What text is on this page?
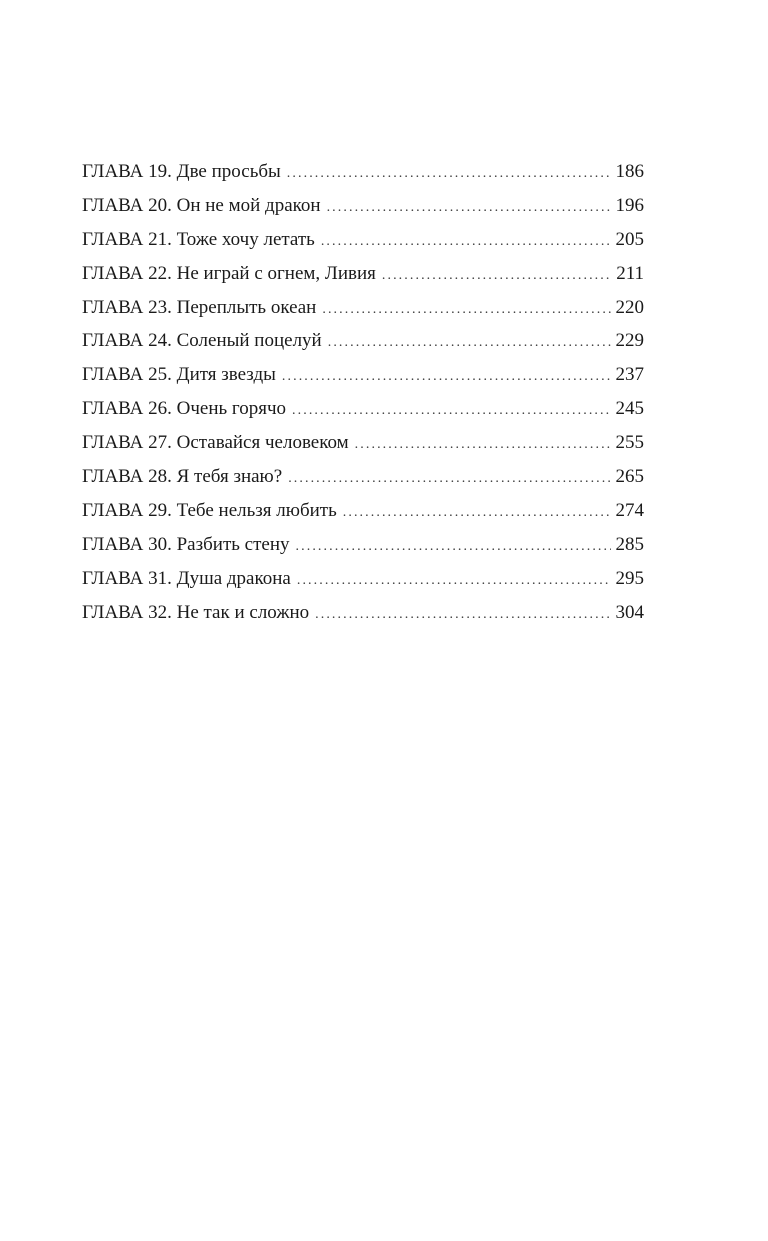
ГЛАВА 19. Две просьбы .....	186
ГЛАВА 20. Он не мой дракон .....	196
ГЛАВА 21. Тоже хочу летать .....	205
ГЛАВА 22. Не играй с огнем, Ливия .....	211
ГЛАВА 23. Переплыть океан .....	220
ГЛАВА 24. Соленый поцелуй .....	229
ГЛАВА 25. Дитя звезды .....	237
ГЛАВА 26. Очень горячо .....	245
ГЛАВА 27. Оставайся человеком .....	255
ГЛАВА 28. Я тебя знаю? .....	265
ГЛАВА 29. Тебе нельзя любить .....	274
ГЛАВА 30. Разбить стену .....	285
ГЛАВА 31. Душа дракона .....	295
ГЛАВА 32. Не так и сложно .....	304
